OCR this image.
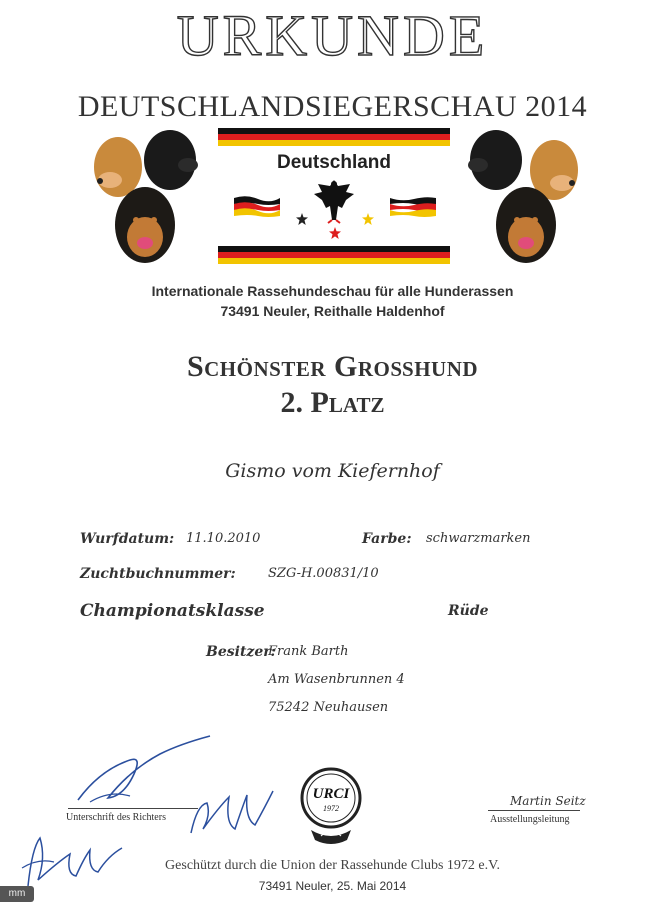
URKUNDE
DEUTSCHLANDSIEGERSCHAU 2014
Deutschland
Internationale Rassehundeschau für alle Hunderassen
73491 Neuler, Reithalle Haldenhof
Schönster Großhund
2. Platz
Gismo vom Kiefernhof
Wurfdatum: 11.10.2010	Farbe: schwarzmarken
Zuchtbuchnummer: SZG-H.00831/10
Championatsklasse	Rüde
Besitzer:
Frank Barth
Am Wasenbrunnen 4
75242 Neuhausen
Unterschrift des Richters
URCI
1972
Martin Seitz
Ausstellungsleitung
Geschützt durch die Union der Rassehunde Clubs 1972 e.V.
73491 Neuler, 25. Mai 2014
mm
